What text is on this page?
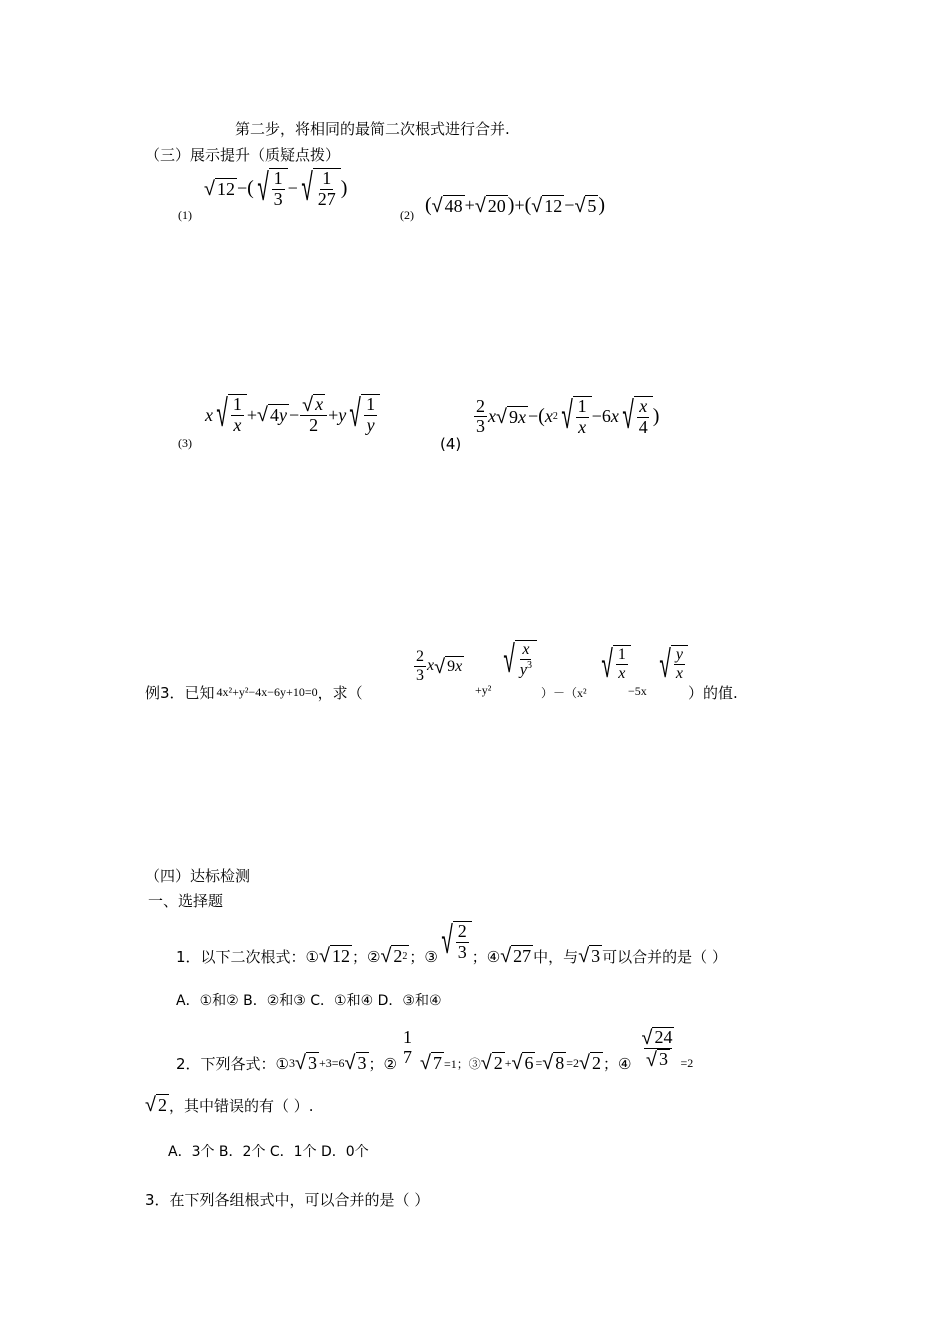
第二步，将相同的最简二次根式进行合并.
（三）展示提升（质疑点拨）
(1)
√ 12 − ( √ $\frac{1}{3}$ − √ $\frac{1}{27}$ )
(2) ( √ 48 + √ 20 ) + ( √ 12 − √ 5 )
(3)
x √ $\frac{1}{x}$ + √ 4 $y - \frac{√ x}{2} + y$ √ $\frac{1}{y}$
(4)
$\frac{2}{3}$ x √ 9 x − ( x 2 √ $\frac{1}{x} -6$ x √ $\frac{x}{4}$ )
例3．已知 4x²+y²−4x−6y+10=0 ，求（
$\frac{2}{3}$ x √ 9 x
+y²
√ $\frac{x}{y^3}$
）－（x²
√ $\frac{1}{x}$
−5x
√ $\frac{y}{x}$
）的值.
（四）达标检测
一、选择题
1．以下二次根式：① √ 12 ；② √ 2 2 ；③ √ $\frac{2}{3}$ ；④ √ 27 中，与 √ 3 可以合并的是（ ）
A．①和② B．②和③ C．①和④ D．③和④
2．下列各式：① 3 √ 3 +3=6 √ 3 ；②
1
7 √ 7 =1；③ √ 2 + √ 6 = √ 8 =2 √ 2 ；④ $\frac{√ 24}{√ 3} =2$
√ 2 ，其中错误的有（ ）.
A．3个 B．2个 C．1个 D．0个
3．在下列各组根式中，可以合并的是（ ）
